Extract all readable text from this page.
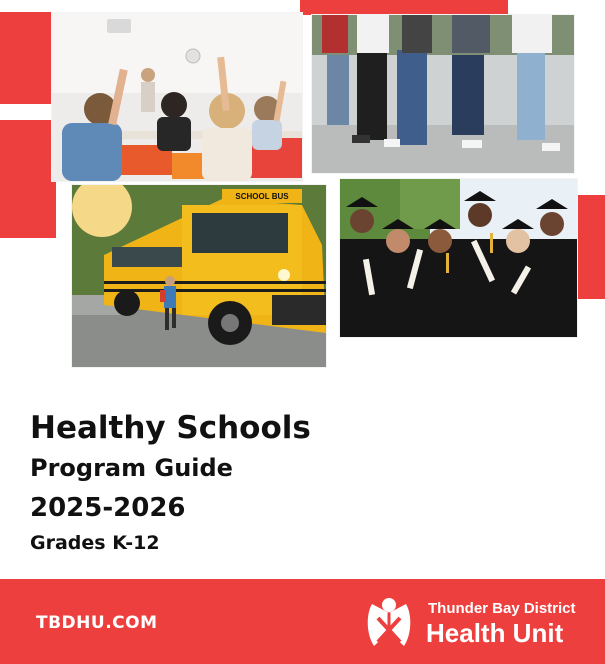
SCHOOL BUS
Healthy Schools
Program Guide
2025-2026
Grades K-12
TBDHU.COM
Thunder Bay District
Health Unit
